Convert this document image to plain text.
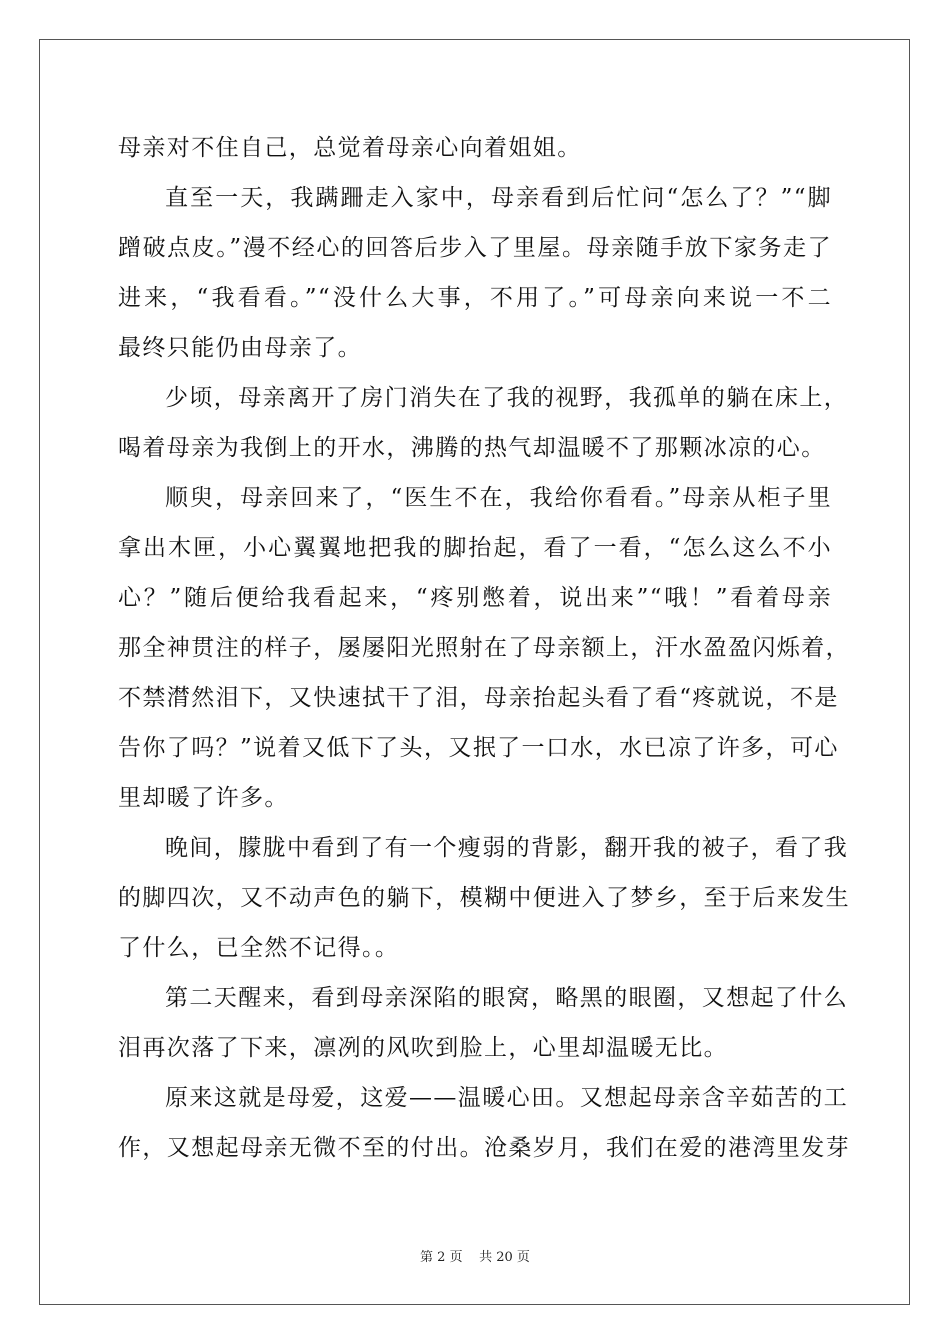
母亲对不住自己，总觉着母亲心向着姐姐。
直至一天，我蹒跚走入家中，母亲看到后忙问“怎么了？”“脚
蹭破点皮。”漫不经心的回答后步入了里屋。母亲随手放下家务走了
进来，“我看看。”“没什么大事，不用了。”可母亲向来说一不二
最终只能仍由母亲了。
少顷，母亲离开了房门消失在了我的视野，我孤单的躺在床上，
喝着母亲为我倒上的开水，沸腾的热气却温暖不了那颗冰凉的心。
顺臾，母亲回来了，“医生不在，我给你看看。”母亲从柜子里
拿出木匣，小心翼翼地把我的脚抬起，看了一看，“怎么这么不小
心？”随后便给我看起来，“疼别憋着，说出来”“哦！”看着母亲
那全神贯注的样子，屡屡阳光照射在了母亲额上，汗水盈盈闪烁着，
不禁潸然泪下，又快速拭干了泪，母亲抬起头看了看“疼就说，不是
告你了吗？”说着又低下了头，又抿了一口水，水已凉了许多，可心
里却暖了许多。
晚间，朦胧中看到了有一个瘦弱的背影，翻开我的被子，看了我
的脚四次，又不动声色的躺下，模糊中便进入了梦乡，至于后来发生
了什么，已全然不记得。。
第二天醒来，看到母亲深陷的眼窝，略黑的眼圈，又想起了什么
泪再次落了下来，凛冽的风吹到脸上，心里却温暖无比。
原来这就是母爱，这爱——温暖心田。又想起母亲含辛茹苦的工
作，又想起母亲无微不至的付出。沧桑岁月，我们在爱的港湾里发芽
第 2 页 共 20 页
